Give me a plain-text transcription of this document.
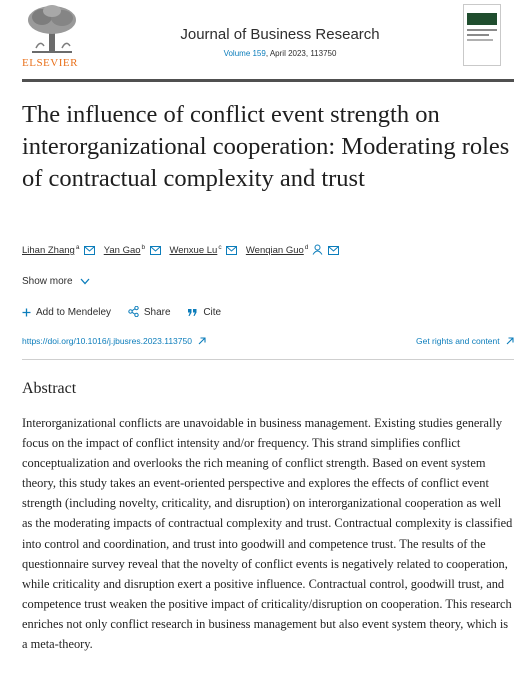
ELSEVIER
Journal of Business Research
Volume 159, April 2023, 113750
The influence of conflict event strength on interorganizational cooperation: Moderating roles of contractual complexity and trust
Lihan Zhang$^a$	Yan Gao$^b$	Wenxue Lu$^c$	Wenqian Guo$^d$
Show more
Add to Mendeley	Share	Cite
https://doi.org/10.1016/j.jbusres.2023.113750	Get rights and content
Abstract

Interorganizational conflicts are unavoidable in business management. Existing studies generally focus on the impact of conflict intensity and/or frequency. This strand simplifies conflict conceptualization and overlooks the rich meaning of conflict strength. Based on event system theory, this study takes an event-oriented perspective and explores the effects of conflict event strength (including novelty, criticality, and disruption) on interorganizational cooperation as well as the moderating impacts of contractual complexity and trust. Contractual complexity is classified into control and coordination, and trust into goodwill and competence trust. The results of the questionnaire survey reveal that the novelty of conflict events is negatively related to cooperation, while criticality and disruption exert a positive influence. Contractual control, goodwill trust, and competence trust weaken the positive impact of criticality/disruption on cooperation. This research enriches not only conflict research in business management but also event system theory, which is a meta-theory.
